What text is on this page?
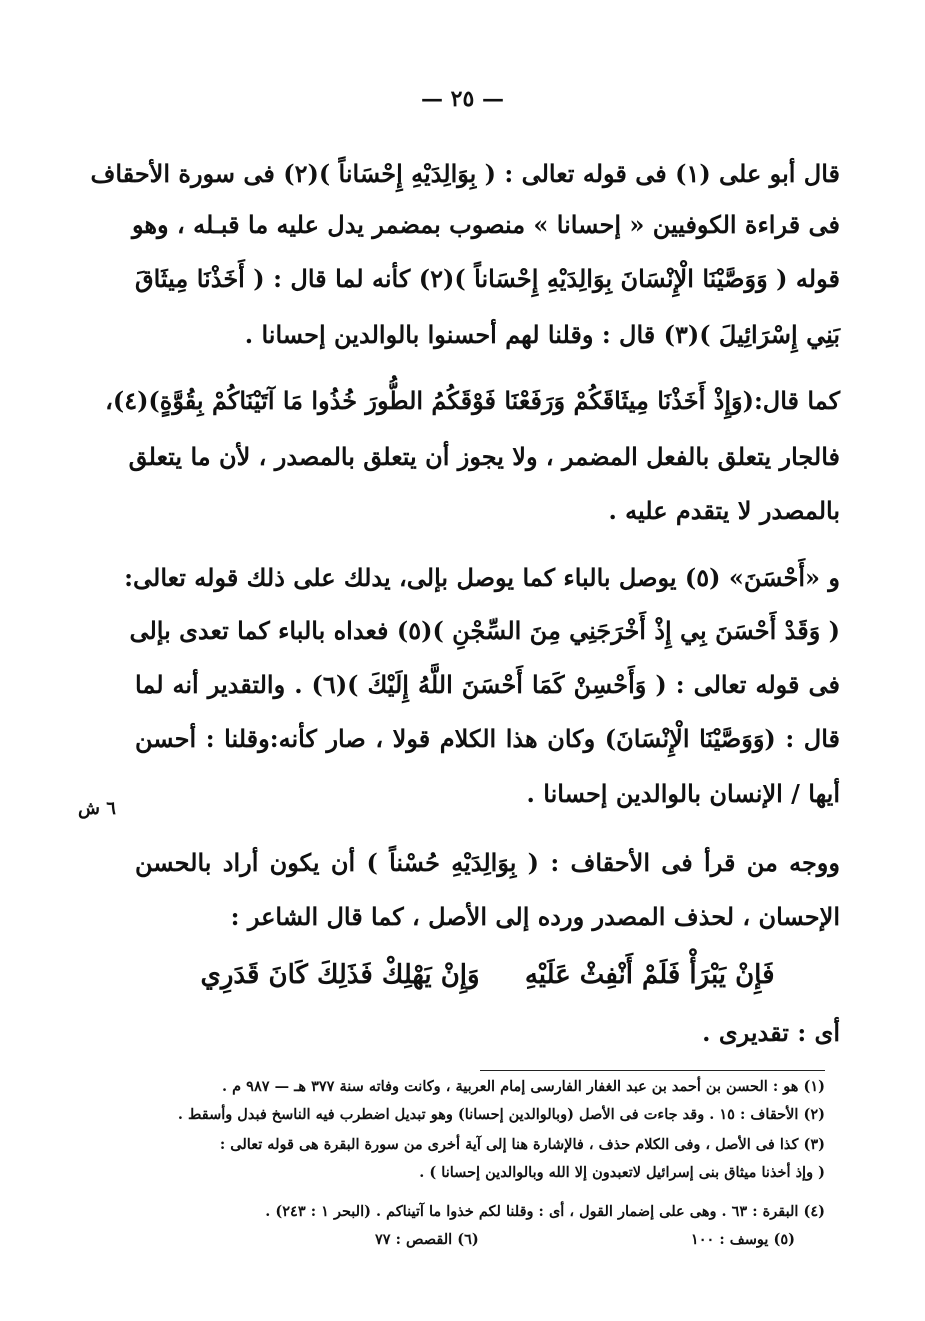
— ٢٥ —
قال أبو على (١) فى قوله تعالى : ( بِوَالِدَيْهِ إِحْسَاناً )(٢) فى سورة الأحقاف
فى قراءة الكوفيين « إحسانا » منصوب بمضمر يدل عليه ما قبـله ، وهو
قوله ( وَوَصَّيْنَا الْإِنْسَانَ بِوَالِدَيْهِ إِحْسَاناً )(٢) كأنه لما قال : ( أَخَذْنَا مِيثَاقَ
بَنِي إِسْرَائِيلَ )(٣) قال : وقلنا لهم أحسنوا بالوالدين إحسانا .
كما قال:(وَإِذْ أَخَذْنَا مِيثَاقَكُمْ وَرَفَعْنَا فَوْقَكُمُ الطُّورَ خُذُوا مَا آتَيْنَاكُمْ بِقُوَّةٍ)(٤)،
فالجار يتعلق بالفعل المضمر ، ولا يجوز أن يتعلق بالمصدر ، لأن ما يتعلق
بالمصدر لا يتقدم عليه .
و «أَحْسَنَ» (٥) يوصل بالباء كما يوصل بإلى، يدلك على ذلك قوله تعالى:
( وَقَدْ أَحْسَنَ بِي إِذْ أَخْرَجَنِي مِنَ السِّجْنِ )(٥) فعداه بالباء كما تعدى بإلى
فى قوله تعالى : ( وَأَحْسِنْ كَمَا أَحْسَنَ اللَّهُ إِلَيْكَ )(٦) . والتقدير أنه لما
قال : (وَوَصَّيْنَا الْإِنْسَانَ) وكان هذا الكلام قولا ، صار كأنه:وقلنا : أحسن
أيها / الإنسان بالوالدين إحسانا .
٦ ش
ووجه من قرأ فى الأحقاف : ( بِوَالِدَيْهِ حُسْناً ) أن يكون أراد بالحسن
الإحسان ، لحذف المصدر ورده إلى الأصل ، كما قال الشاعر :
فَإِنْ يَبْرَأْ فَلَمْ أَنْفِثْ عَلَيْهِ     وَإِنْ يَهْلِكْ فَذَلِكَ كَانَ قَدَرِي
أى : تقديرى .
(١) هو : الحسن بن أحمد بن عبد الغفار الفارسى إمام العربية ، وكانت وفاته سنة ٣٧٧ هـ — ٩٨٧ م .
(٢) الأحقاف : ١٥ . وقد جاءت فى الأصل (وبالوالدين إحسانا) وهو تبديل اضطرب فيه الناسخ فبدل وأسقط .
(٣) كذا فى الأصل ، وفى الكلام حذف ، فالإشارة هنا إلى آية أخرى من سورة البقرة هى قوله تعالى :
( وإذ أخذنا ميثاق بنى إسرائيل لاتعبدون إلا الله وبالوالدين إحسانا ) .
(٤) البقرة : ٦٣ . وهى على إضمار القول ، أى : وقلنا لكم خذوا ما آتيناكم . (البحر ١ : ٢٤٣) .
(٥) يوسف : ١٠٠
(٦) القصص : ٧٧
